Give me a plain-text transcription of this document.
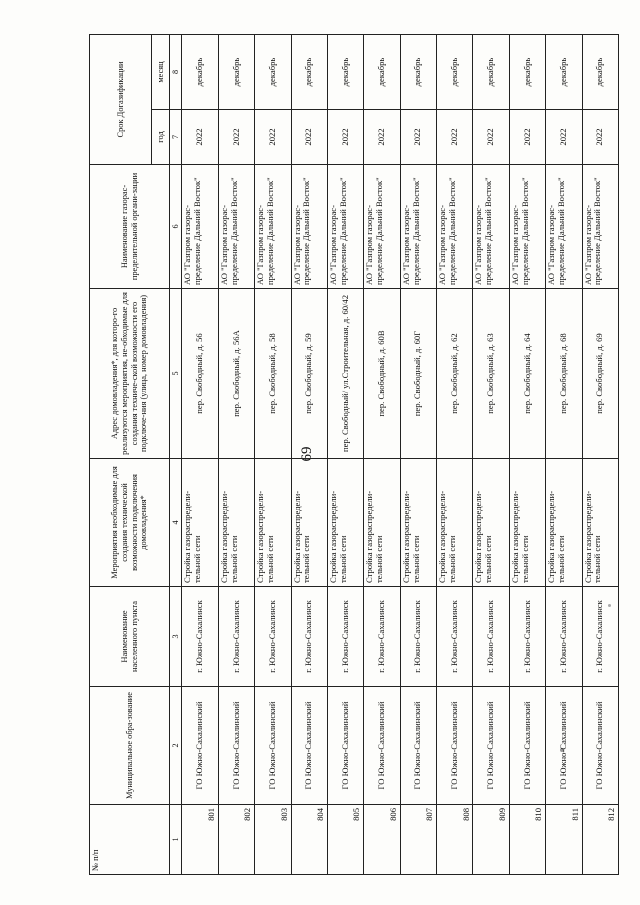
69
№ п/п	Муниципальное обра-зование	Наименование населенного пункта	Мероприятия необходимые для создания технической возможности подключения домовладения*	Адрес домовладения*, для которо-го реализуются мероприятия, не-обходимые для создания техниче-ской возможности его подключе-ния (улица, номер домовладения)	Наименование газорас-пределительной органи-зации	Срок Догазификации	
						год	месяц
1	2	3	4	5	6	7	8
801	ГО Южно-Сахалинский	г. Южно-Сахалинск	Стройка газораспредели-тельной сети	пер. Свободный, д. 56	АО "Газпром газорас-пределение Дальний Восток"	2022	декабрь
802	ГО Южно-Сахалинский	г. Южно-Сахалинск	Стройка газораспредели-тельной сети	пер. Свободный, д. 56А	АО "Газпром газорас-пределение Дальний Восток"	2022	декабрь
803	ГО Южно-Сахалинский	г. Южно-Сахалинск	Стройка газораспредели-тельной сети	пер. Свободный, д. 58	АО "Газпром газорас-пределение Дальний Восток"	2022	декабрь
804	ГО Южно-Сахалинский	г. Южно-Сахалинск	Стройка газораспредели-тельной сети	пер. Свободный, д. 59	АО "Газпром газорас-пределение Дальний Восток"	2022	декабрь
805	ГО Южно-Сахалинский	г. Южно-Сахалинск	Стройка газораспредели-тельной сети	пер. Свободный/ ул.Строительная, д. 60/42	АО "Газпром газорас-пределение Дальний Восток"	2022	декабрь
806	ГО Южно-Сахалинский	г. Южно-Сахалинск	Стройка газораспредели-тельной сети	пер. Свободный, д. 60В	АО "Газпром газорас-пределение Дальний Восток"	2022	декабрь
807	ГО Южно-Сахалинский	г. Южно-Сахалинск	Стройка газораспредели-тельной сети	пер. Свободный, д. 60Г	АО "Газпром газорас-пределение Дальний Восток"	2022	декабрь
808	ГО Южно-Сахалинский	г. Южно-Сахалинск	Стройка газораспредели-тельной сети	пер. Свободный, д. 62	АО "Газпром газорас-пределение Дальний Восток"	2022	декабрь
809	ГО Южно-Сахалинский	г. Южно-Сахалинск	Стройка газораспредели-тельной сети	пер. Свободный, д. 63	АО "Газпром газорас-пределение Дальний Восток"	2022	декабрь
810	ГО Южно-Сахалинский	г. Южно-Сахалинск	Стройка газораспредели-тельной сети	пер. Свободный, д. 64	АО "Газпром газорас-пределение Дальний Восток"	2022	декабрь
811	ГО Южно-Сахалинский	г. Южно-Сахалинск	Стройка газораспредели-тельной сети	пер. Свободный, д. 68	АО "Газпром газорас-пределение Дальний Восток"	2022	декабрь
812	ГО Южно-Сахалинский	г. Южно-Сахалинск	Стройка газораспредели-тельной сети	пер. Свободный, д. 69	АО "Газпром газорас-пределение Дальний Восток"	2022	декабрь
